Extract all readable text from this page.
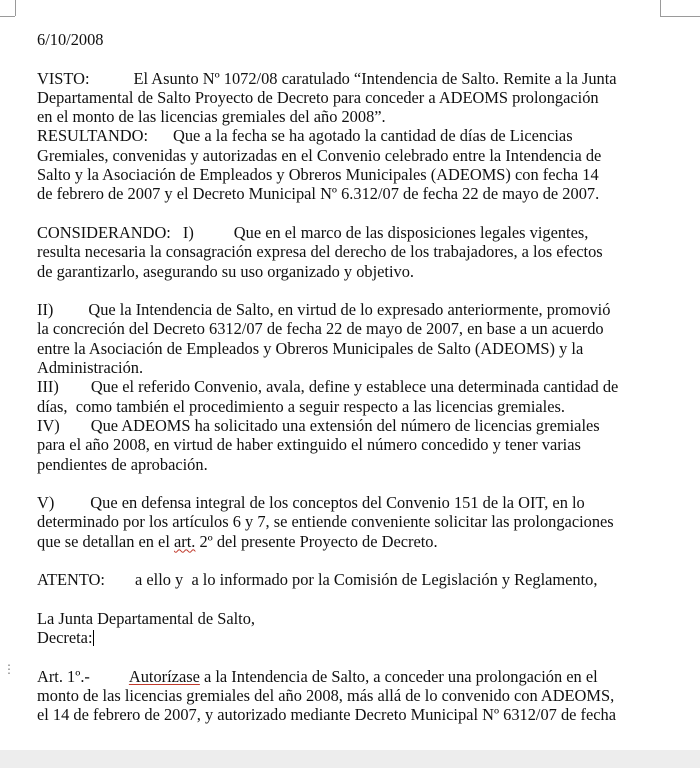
6/10/2008
VISTO:	El Asunto Nº 1072/08 caratulado “Intendencia de Salto. Remite a la Junta
Departamental de Salto Proyecto de Decreto para conceder a ADEOMS prolongación
en el monto de las licencias gremiales del año 2008”.
RESULTANDO: Que a la fecha se ha agotado la cantidad de días de Licencias
Gremiales, convenidas y autorizadas en el Convenio celebrado entre la Intendencia de
Salto y la Asociación de Empleados y Obreros Municipales (ADEOMS) con fecha 14
de febrero de 2007 y el Decreto Municipal Nº 6.312/07 de fecha 22 de mayo de 2007.
CONSIDERANDO: I) Que en el marco de las disposiciones legales vigentes,
resulta necesaria la consagración expresa del derecho de los trabajadores, a los efectos
de garantizarlo, asegurando su uso organizado y objetivo.
II) Que la Intendencia de Salto, en virtud de lo expresado anteriormente, promovió
la concreción del Decreto 6312/07 de fecha 22 de mayo de 2007, en base a un acuerdo
entre la Asociación de Empleados y Obreros Municipales de Salto (ADEOMS) y la
Administración.
III) Que el referido Convenio, avala, define y establece una determinada cantidad de
días,  como también el procedimiento a seguir respecto a las licencias gremiales.
IV) Que ADEOMS ha solicitado una extensión del número de licencias gremiales
para el año 2008, en virtud de haber extinguido el número concedido y tener varias
pendientes de aprobación.
V) Que en defensa integral de los conceptos del Convenio 151 de la OIT, en lo
determinado por los artículos 6 y 7, se entiende conveniente solicitar las prolongaciones
que se detallan en el art. 2º del presente Proyecto de Decreto.
ATENTO: a ello y  a lo informado por la Comisión de Legislación y Reglamento,
La Junta Departamental de Salto,
Decreta:
Art. 1º.- Autorízase a la Intendencia de Salto, a conceder una prolongación en el
monto de las licencias gremiales del año 2008, más allá de lo convenido con ADEOMS,
el 14 de febrero de 2007, y autorizado mediante Decreto Municipal Nº 6312/07 de fecha
⋮
